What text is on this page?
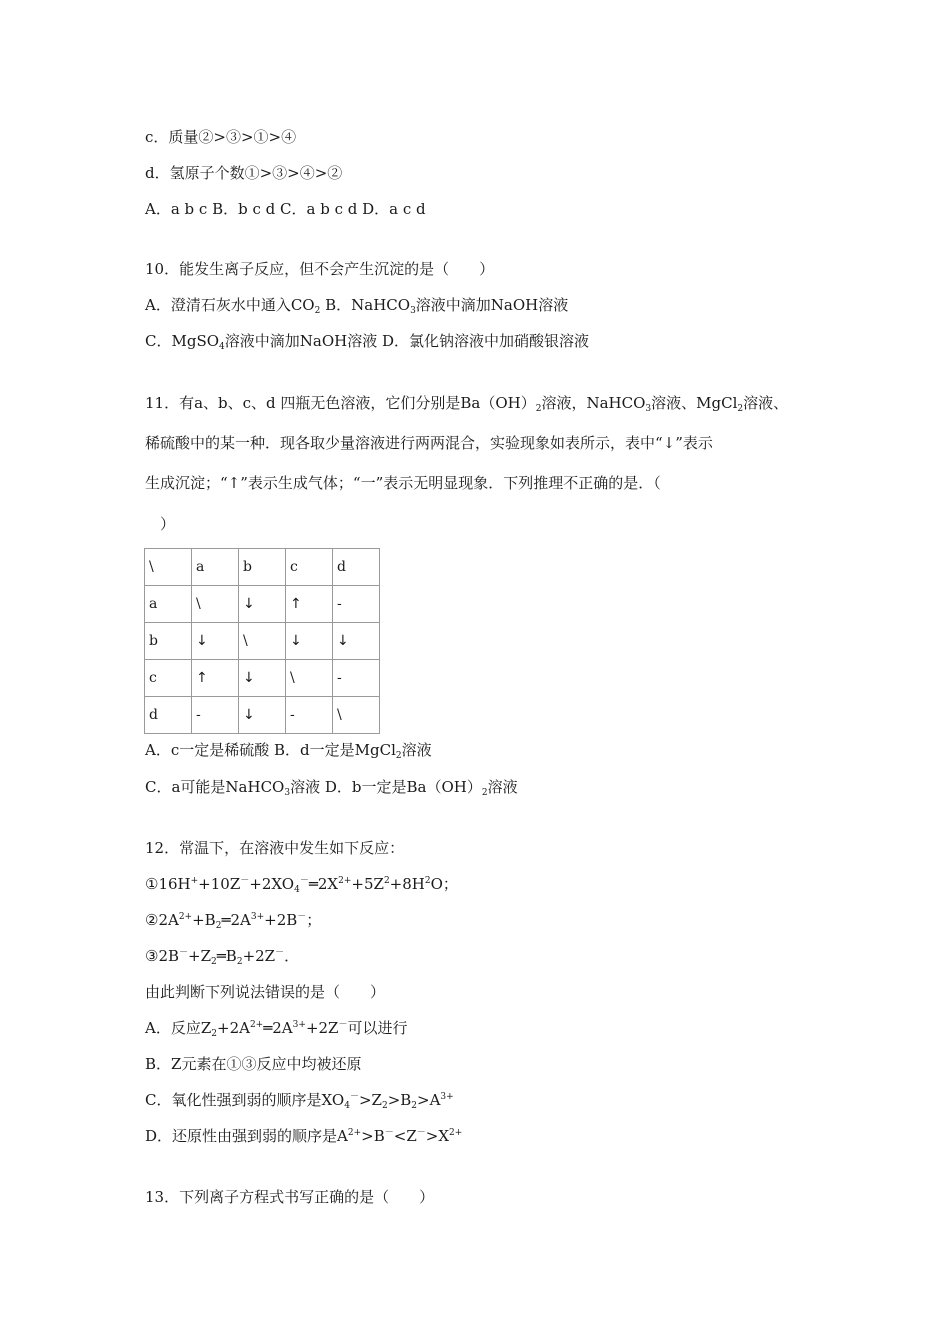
c．质量②>③>①>④
d．氢原子个数①>③>④>②
A．a b c B．b c d C．a b c d D．a c d
10．能发生离子反应，但不会产生沉淀的是（　　）
A．澄清石灰水中通入$CO_2$ B．NaHCO$_3$溶液中滴加NaOH溶液
C．MgSO$_4$溶液中滴加NaOH溶液 D．氯化钠溶液中加硝酸银溶液
11．有a、b、c、d 四瓶无色溶液，它们分别是$Ba(OH)_2$溶液，NaHCO$_3$溶液、MgCl$_2$溶液、
稀硫酸中的某一种．现各取少量溶液进行两两混合，实验现象如表所示，表中“↓”表示
生成沉淀；“↑”表示生成气体；“一”表示无明显现象．下列推理不正确的是．（
）
\	a	b	c	d
a	\	↓	↑	-
b	↓	\	↓	↓
c	↑	↓	\	-
d	-	↓	-	\
A．c一定是稀硫酸 B．d一定是MgCl$_2$溶液
C．a可能是NaHCO$_3$溶液 D．b一定是$Ba(OH)_2$溶液
12．常温下，在溶液中发生如下反应：
$①16H^++10Z^-+2XO_4^-═2X^{2+}+5Z^2+8H^2O$；
$②2A^{2+}+B_2═2A^{3+}+2B^-$；
$③2B^-+Z_2═B_2+2Z^-$．
由此判断下列说法错误的是（　　）
A．反应$Z_2+2A^{2+}═2A^{3+}+2Z^-$可以进行
B．Z元素在①③反应中均被还原
C．氧化性强到弱的顺序是$XO_4^->Z_2>B_2>A^{3+}$
D．还原性由强到弱的顺序是$A^{2+}>B^-<Z^->X^{2+}$
13．下列离子方程式书写正确的是（　　）
